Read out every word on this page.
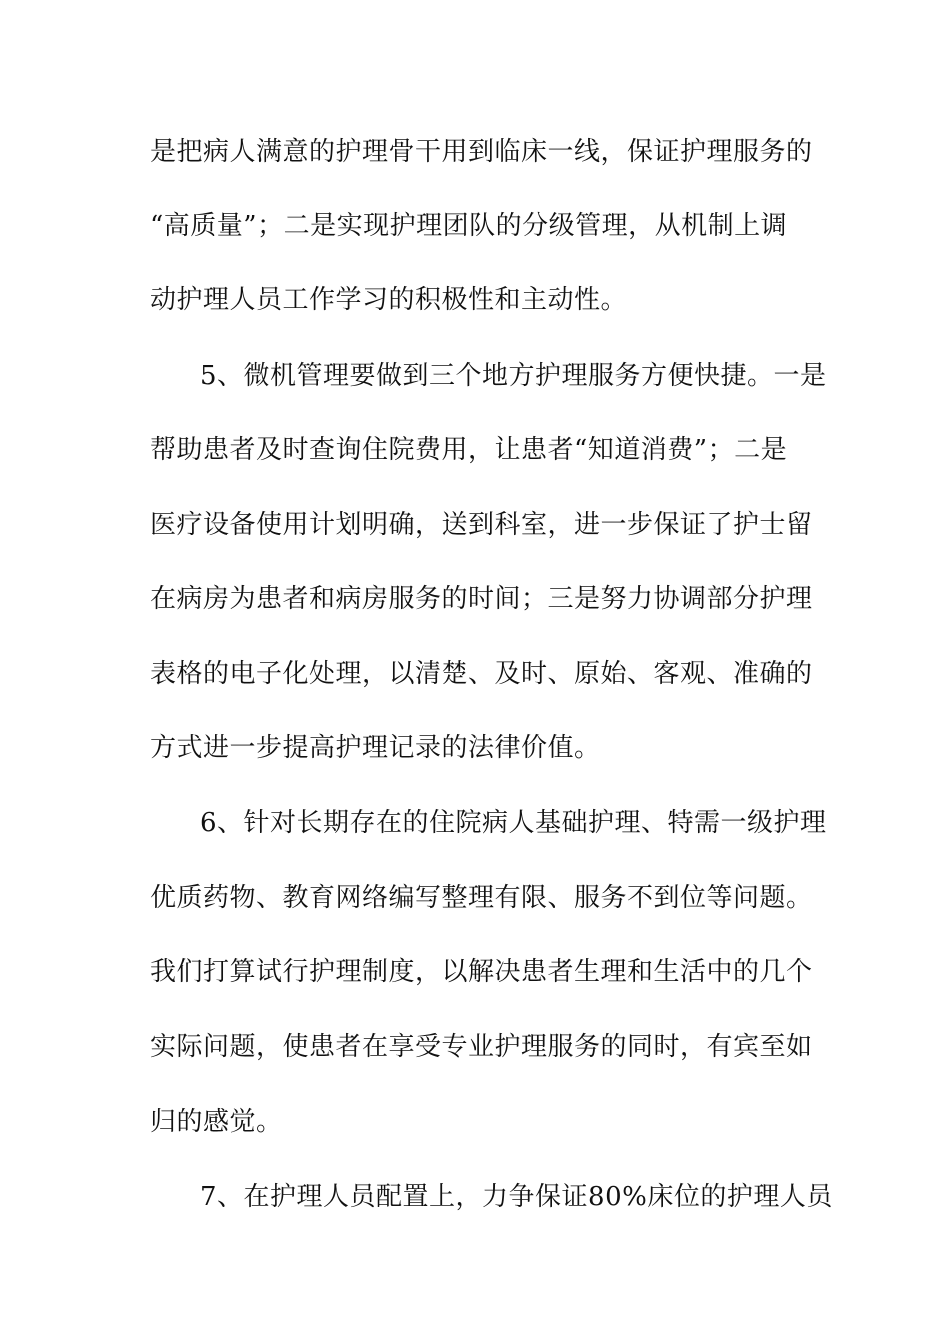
是把病人满意的护理骨干用到临床一线，保证护理服务的
“高质量”；二是实现护理团队的分级管理，从机制上调
动护理人员工作学习的积极性和主动性。
5、微机管理要做到三个地方护理服务方便快捷。一是
帮助患者及时查询住院费用，让患者“知道消费”；二是
医疗设备使用计划明确，送到科室，进一步保证了护士留
在病房为患者和病房服务的时间；三是努力协调部分护理
表格的电子化处理，以清楚、及时、原始、客观、准确的
方式进一步提高护理记录的法律价值。
6、针对长期存在的住院病人基础护理、特需一级护理
优质药物、教育网络编写整理有限、服务不到位等问题。
我们打算试行护理制度，以解决患者生理和生活中的几个
实际问题，使患者在享受专业护理服务的同时，有宾至如
归的感觉。
7、在护理人员配置上，力争保证80%床位的护理人员
